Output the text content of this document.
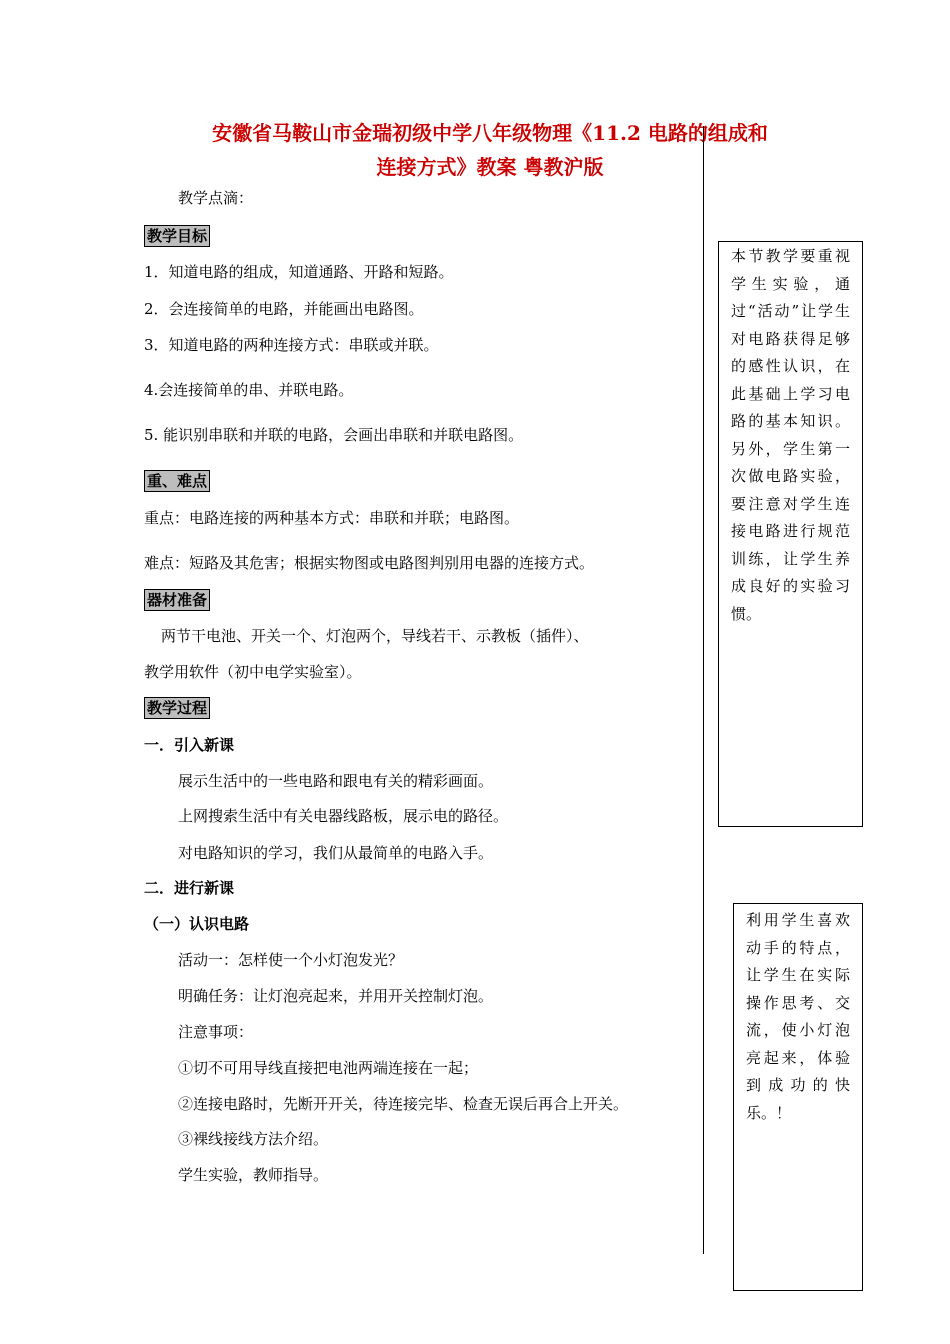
安徽省马鞍山市金瑞初级中学八年级物理《11.2 电路的组成和
连接方式》教案 粤教沪版
教学点滴：
教学目标
1．知道电路的组成，知道通路、开路和短路。
2．会连接简单的电路，并能画出电路图。
3．知道电路的两种连接方式：串联或并联。
4.会连接简单的串、并联电路。
5. 能识别串联和并联的电路，会画出串联和并联电路图。
重、难点
重点：电路连接的两种基本方式：串联和并联；电路图。
难点：短路及其危害；根据实物图或电路图判别用电器的连接方式。
器材准备
两节干电池、开关一个、灯泡两个，导线若干、示教板（插件）、
教学用软件（初中电学实验室）。
教学过程
一．引入新课
展示生活中的一些电路和跟电有关的精彩画面。
上网搜索生活中有关电器线路板，展示电的路径。
对电路知识的学习，我们从最简单的电路入手。
二．进行新课
（一）认识电路
活动一：怎样使一个小灯泡发光？
明确任务：让灯泡亮起来，并用开关控制灯泡。
注意事项：
①切不可用导线直接把电池两端连接在一起；
②连接电路时，先断开开关，待连接完毕、检查无误后再合上开关。
③裸线接线方法介绍。
学生实验，教师指导。
本节教学要重视学生实验，通过“活动”让学生对电路获得足够的感性认识，在此基础上学习电路的基本知识。另外，学生第一次做电路实验，要注意对学生连接电路进行规范训练，让学生养成良好的实验习惯。
利用学生喜欢动手的特点，让学生在实际操作思考、交流，使小灯泡亮起来，体验到成功的快乐。！
